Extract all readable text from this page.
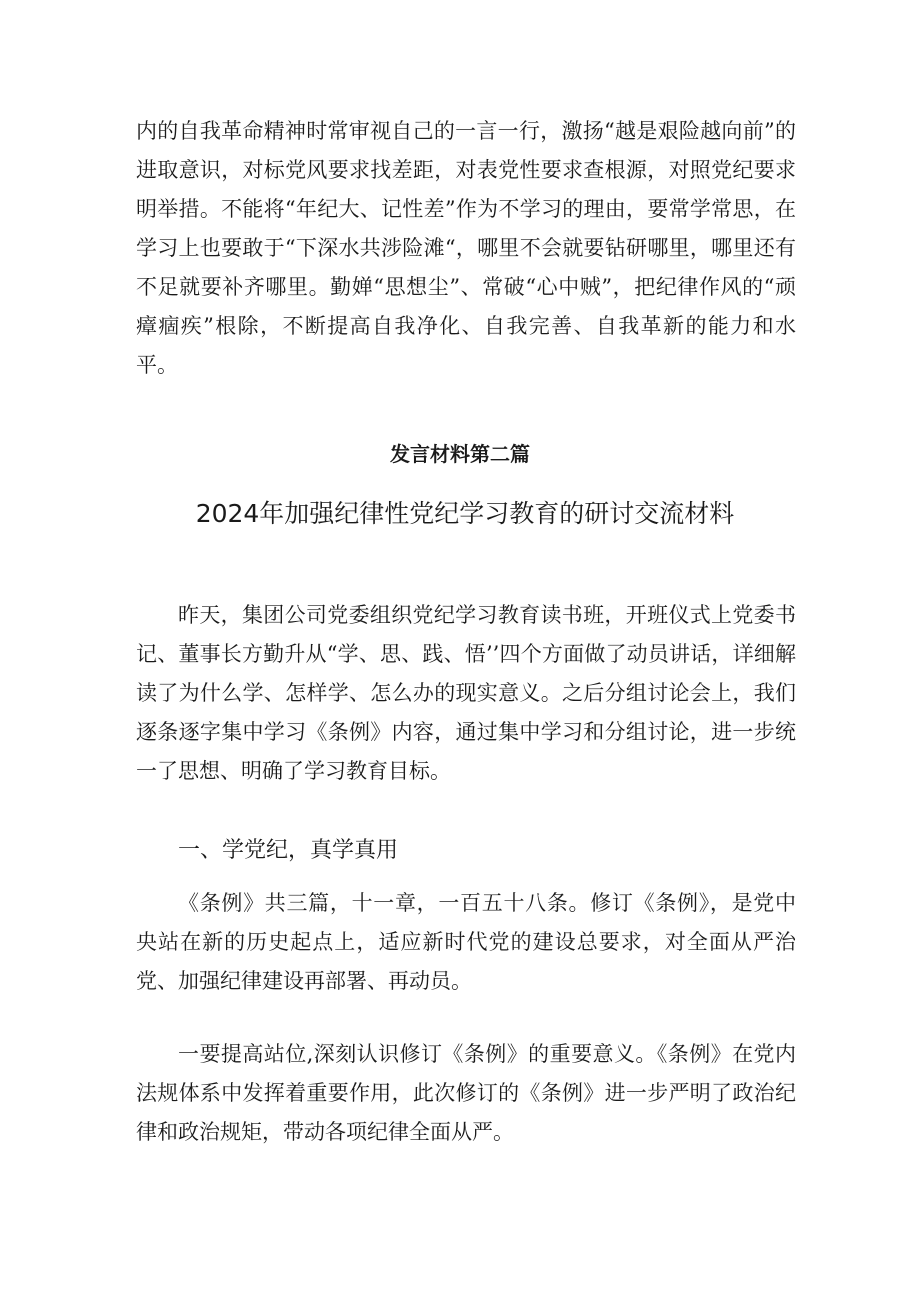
内的自我革命精神时常审视自己的一言一行，激扬“越是艰险越向前”的进取意识，对标党风要求找差距，对表党性要求查根源，对照党纪要求明举措。不能将“年纪大、记性差”作为不学习的理由，要常学常思，在学习上也要敢于“下深水共涉险滩“，哪里不会就要钻研哪里，哪里还有不足就要补齐哪里。勤婵“思想尘”、常破“心中贼”，把纪律作风的“顽瘴痼疾”根除，不断提高自我净化、自我完善、自我革新的能力和水平。

发言材料第二篇

2024年加强纪律性党纪学习教育的研讨交流材料

昨天，集团公司党委组织党纪学习教育读书班，开班仪式上党委书记、董事长方勤升从“学、思、践、悟’’四个方面做了动员讲话，详细解读了为什么学、怎样学、怎么办的现实意义。之后分组讨论会上，我们逐条逐字集中学习《条例》内容，通过集中学习和分组讨论，进一步统一了思想、明确了学习教育目标。

一、学党纪，真学真用

《条例》共三篇，十一章，一百五十八条。修订《条例》，是党中央站在新的历史起点上，适应新时代党的建设总要求，对全面从严治党、加强纪律建设再部署、再动员。

一要提高站位,深刻认识修订《条例》的重要意义。《条例》在党内法规体系中发挥着重要作用，此次修订的《条例》进一步严明了政治纪律和政治规矩，带动各项纪律全面从严。
